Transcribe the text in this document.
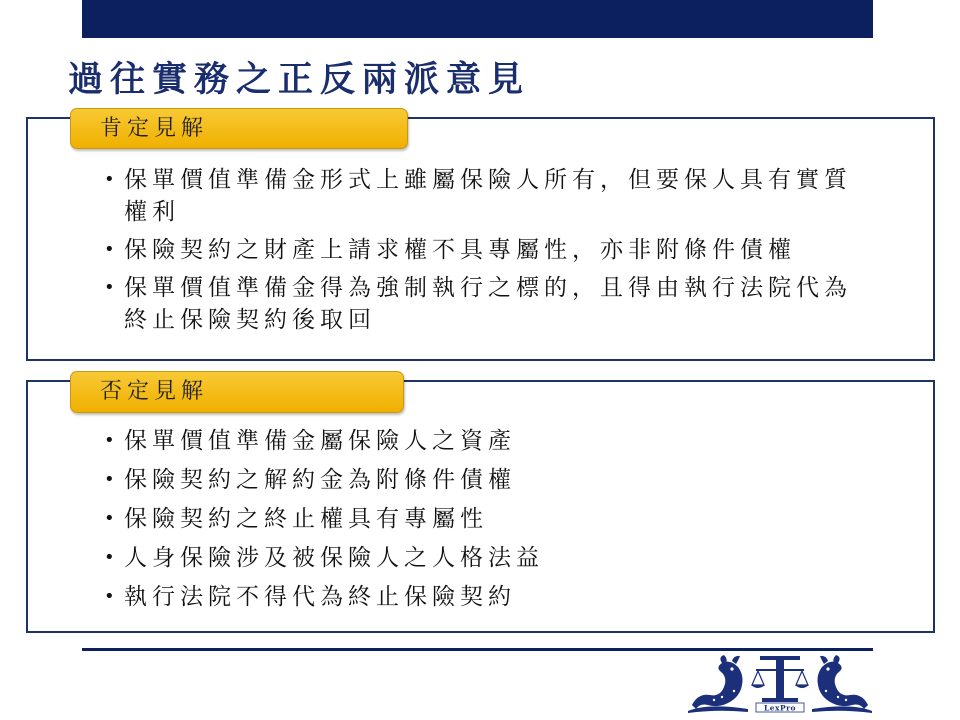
過往實務之正反兩派意見
肯定見解
• 保單價值準備金形式上雖屬保險人所有，但要保人具有實質權利
• 保險契約之財產上請求權不具專屬性，亦非附條件債權
• 保單價值準備金得為強制執行之標的，且得由執行法院代為終止保險契約後取回
否定見解
• 保單價值準備金屬保險人之資產
• 保險契約之解約金為附條件債權
• 保險契約之終止權具有專屬性
• 人身保險涉及被保險人之人格法益
• 執行法院不得代為終止保險契約
LexPro
